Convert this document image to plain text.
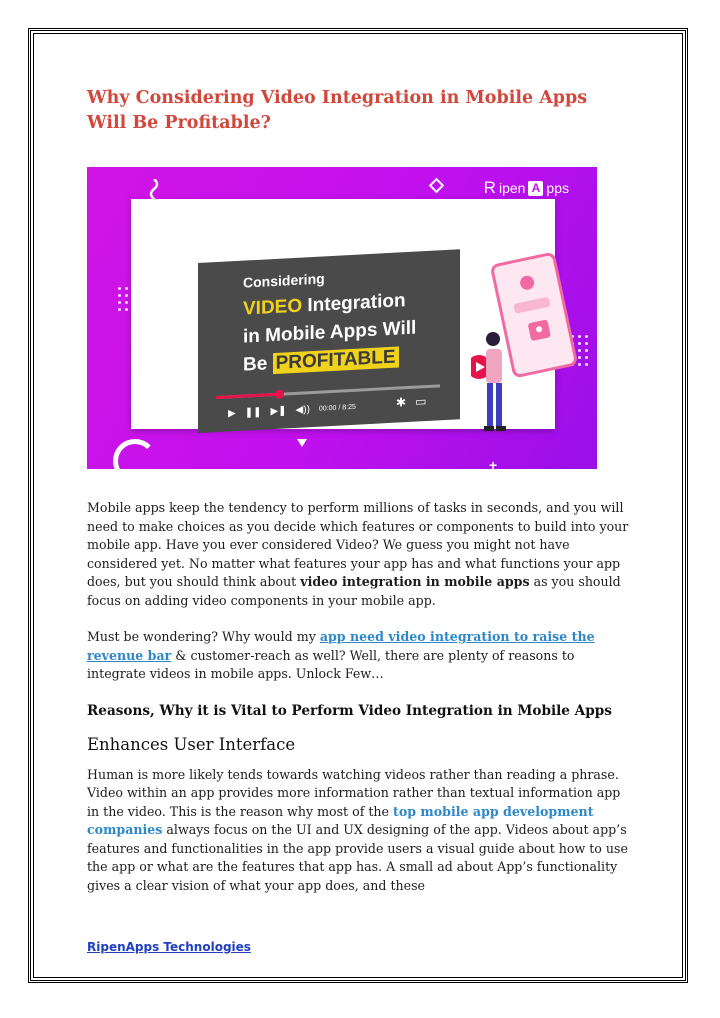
Why Considering Video Integration in Mobile Apps Will Be Profitable?
R ipen A pps
+
Considering
VIDEO Integration
in Mobile Apps Will
Be PROFITABLE
▶ ❚❚ ▶❚ ◀)) 00:00 / 8:25	✱ ▭

Mobile apps keep the tendency to perform millions of tasks in seconds, and you will need to make choices as you decide which features or components to build into your mobile app. Have you ever considered Video? We guess you might not have considered yet. No matter what features your app has and what functions your app does, but you should think about video integration in mobile apps as you should focus on adding video components in your mobile app.

Must be wondering? Why would my app need video integration to raise the revenue bar & customer-reach as well? Well, there are plenty of reasons to integrate videos in mobile apps. Unlock Few…

Reasons, Why it is Vital to Perform Video Integration in Mobile Apps
Enhances User Interface

Human is more likely tends towards watching videos rather than reading a phrase. Video within an app provides more information rather than textual information app in the video. This is the reason why most of the top mobile app development companies always focus on the UI and UX designing of the app. Videos about app’s features and functionalities in the app provide users a visual guide about how to use the app or what are the features that app has. A small ad about App’s functionality gives a clear vision of what your app does, and these

RipenApps Technologies
